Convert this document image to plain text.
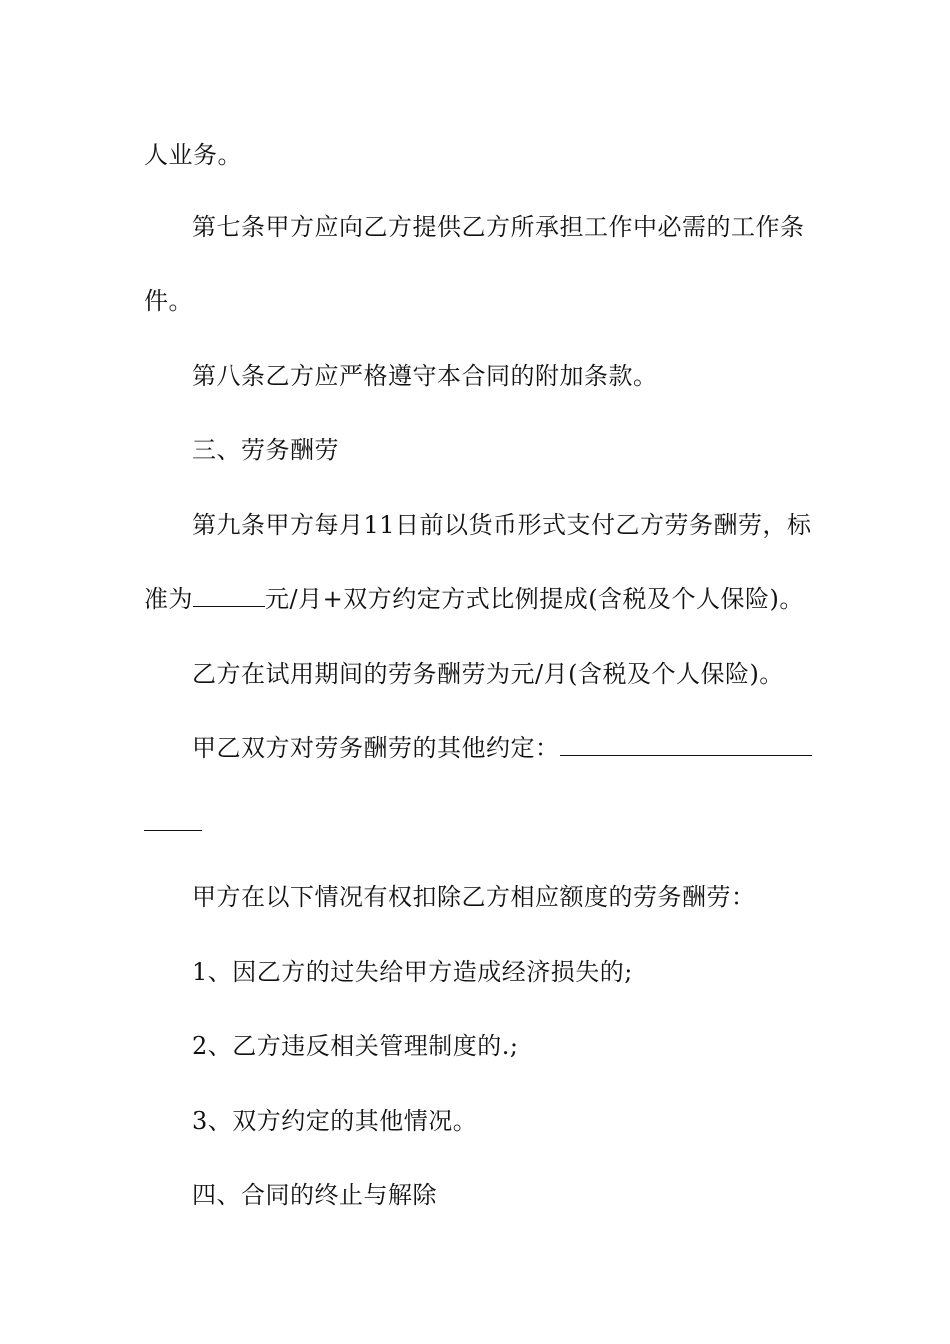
人业务。
第七条甲方应向乙方提供乙方所承担工作中必需的工作条
件。
第八条乙方应严格遵守本合同的附加条款。
三、劳务酬劳
第九条甲方每月11日前以货币形式支付乙方劳务酬劳，标
准为	元/月+双方约定方式比例提成(含税及个人保险)。
乙方在试用期间的劳务酬劳为元/月(含税及个人保险)。
甲乙双方对劳务酬劳的其他约定：
甲方在以下情况有权扣除乙方相应额度的劳务酬劳：
1、因乙方的过失给甲方造成经济损失的;
2、乙方违反相关管理制度的.;
3、双方约定的其他情况。
四、合同的终止与解除
